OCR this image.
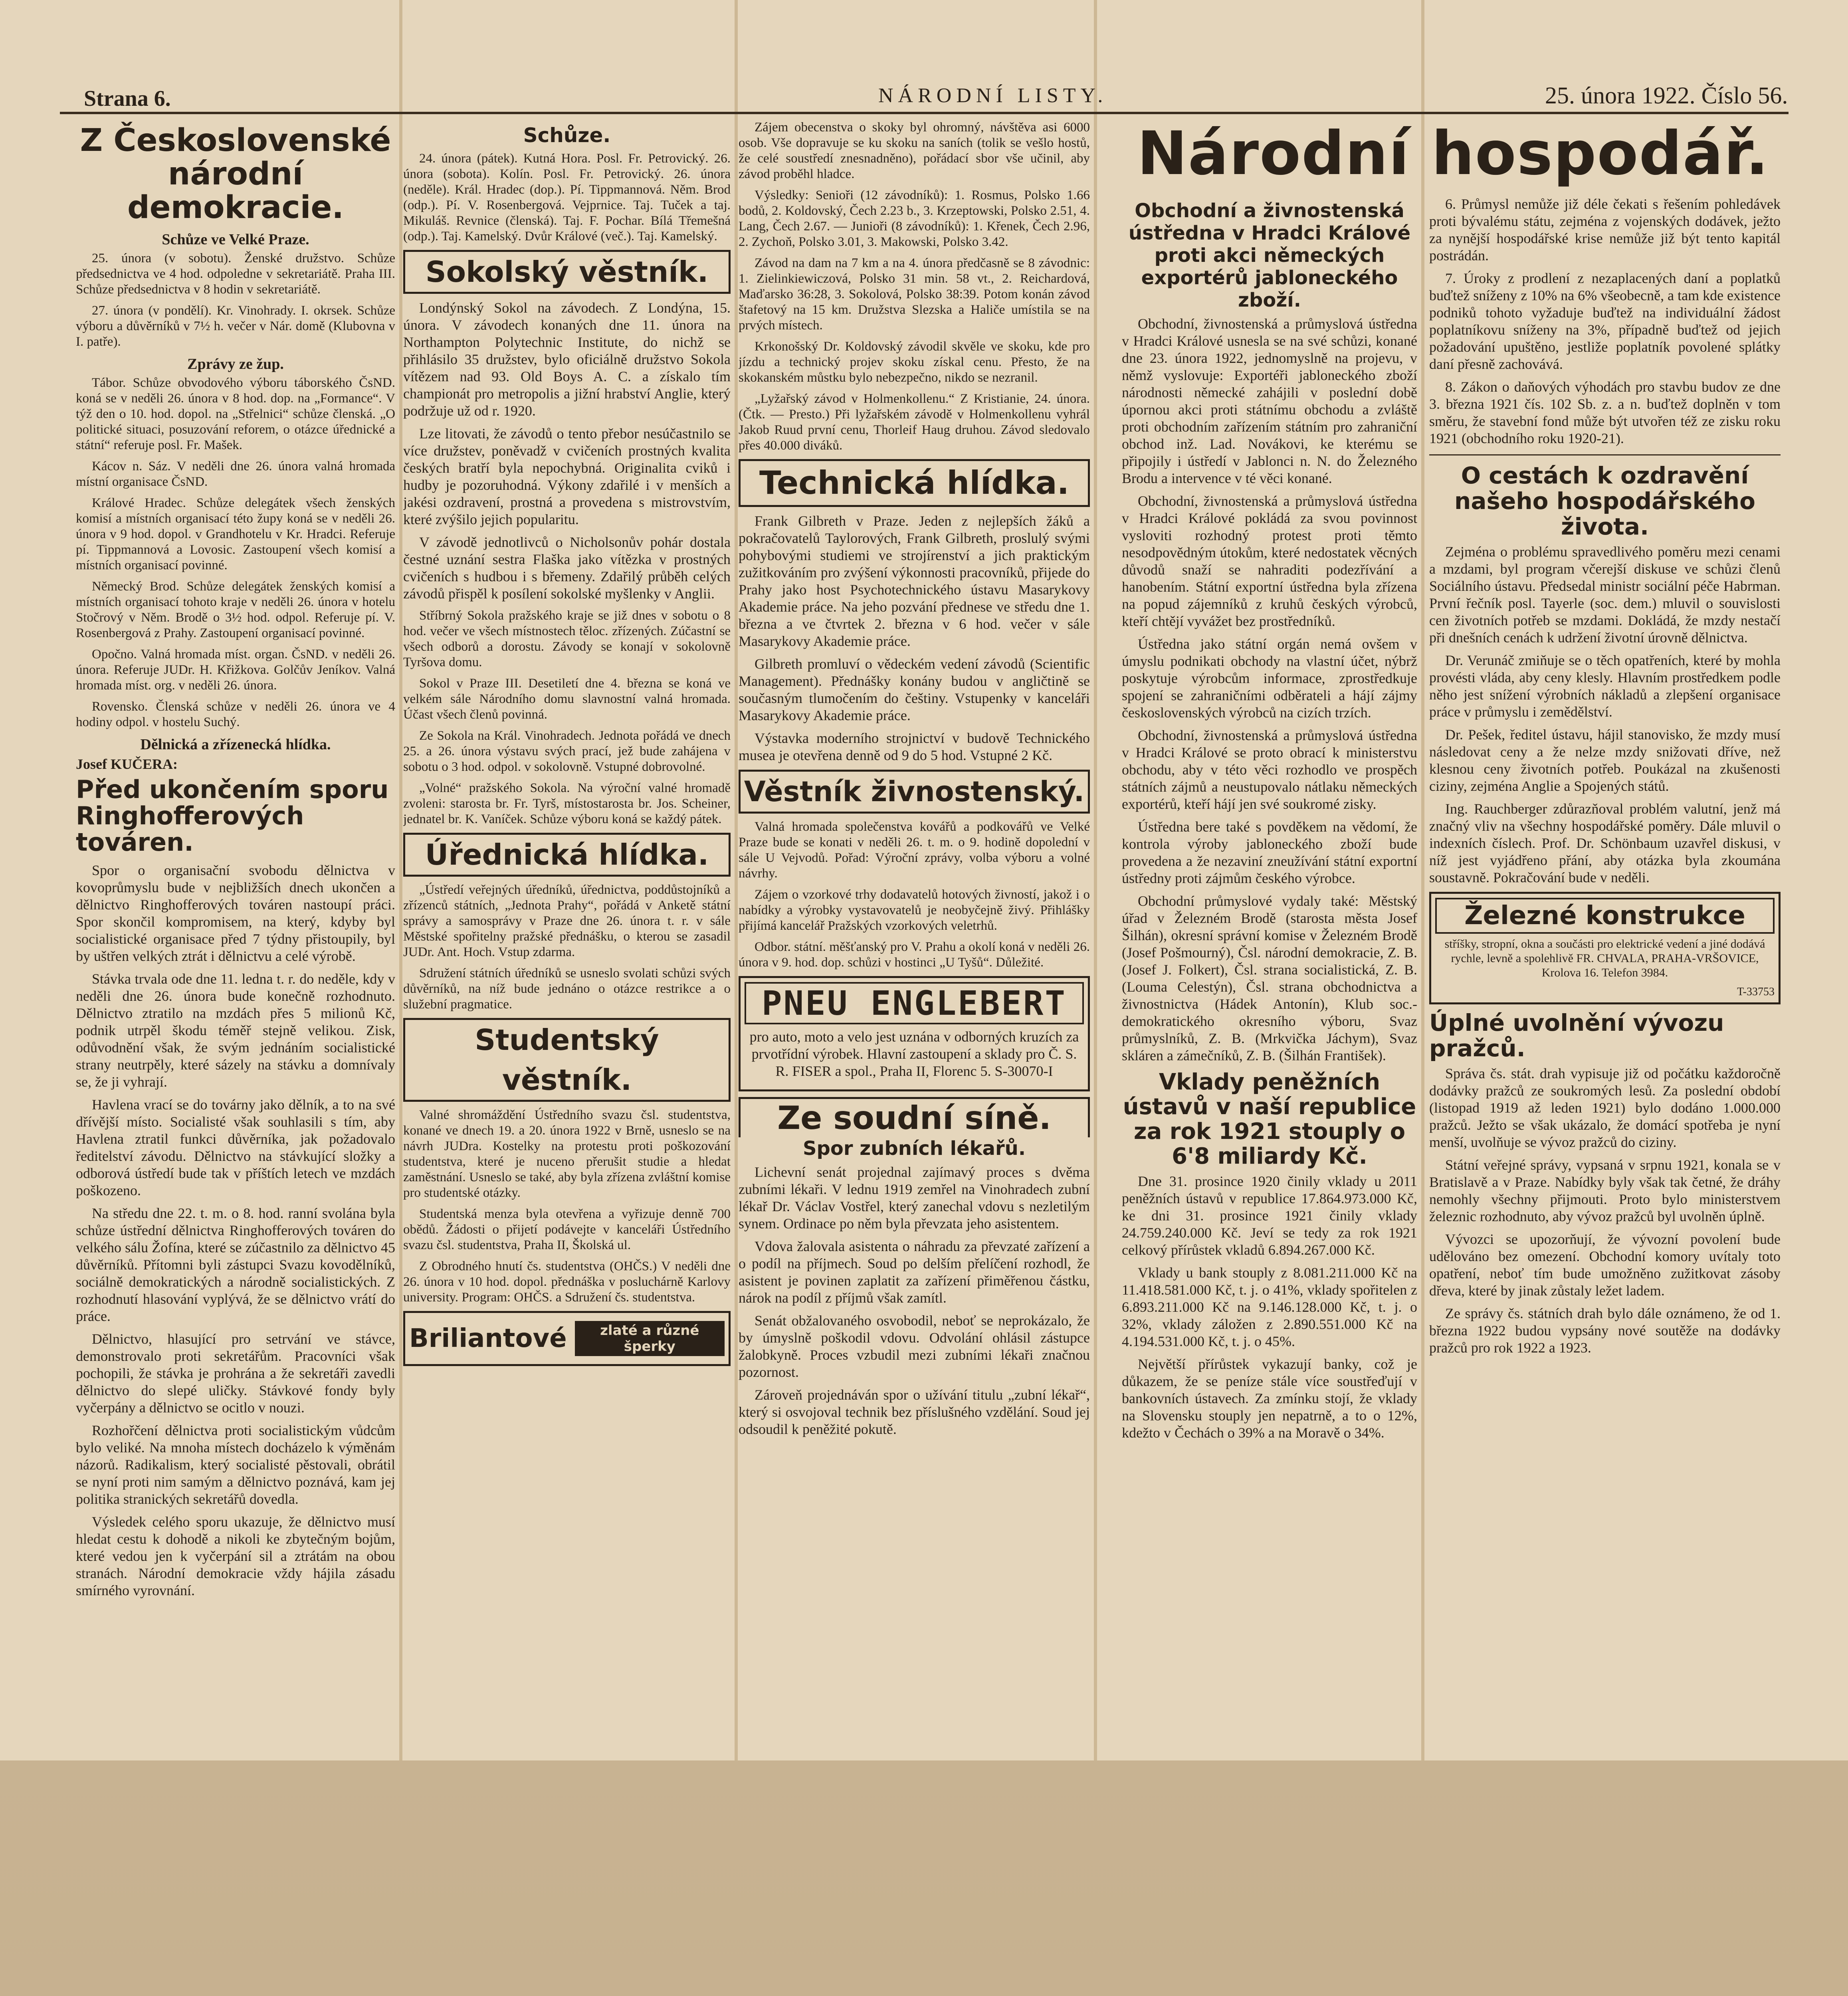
Strana 6.	NÁRODNÍ LISTY.	25. února 1922. Číslo 56.
Z Československé národní demokracie.
Schůze ve Velké Praze.

25. února (v sobotu). Ženské družstvo. Schůze předsednictva ve 4 hod. odpoledne v sekretariátě. Praha III. Schůze předsednictva v 8 hodin v sekretariátě.

27. února (v pondělí). Kr. Vinohrady. I. okrsek. Schůze výboru a důvěrníků v 7½ h. večer v Nár. domě (Klubovna v I. patře).

Zprávy ze žup.

Tábor. Schůze obvodového výboru táborského ČsND. koná se v neděli 26. února v 8 hod. dop. na „Formance“. V týž den o 10. hod. dopol. na „Střelnici“ schůze členská. „O politické situaci, posuzování reforem, o otázce úřednické a státní“ referuje posl. Fr. Mašek.

Kácov n. Sáz. V neděli dne 26. února valná hromada místní organisace ČsND.

Králové Hradec. Schůze delegátek všech ženských komisí a místních organisací této župy koná se v neděli 26. února v 9 hod. dopol. v Grandhotelu v Kr. Hradci. Referuje pí. Tippmannová a Lovosic. Zastoupení všech komisí a místních organisací povinné.

Německý Brod. Schůze delegátek ženských komisí a místních organisací tohoto kraje v neděli 26. února v hotelu Stočrový v Něm. Brodě o 3½ hod. odpol. Referuje pí. V. Rosenbergová z Prahy. Zastoupení organisací povinné.

Opočno. Valná hromada míst. organ. ČsND. v neděli 26. února. Referuje JUDr. H. Křižkova. Golčův Jeníkov. Valná hromada míst. org. v neděli 26. února.

Rovensko. Členská schůze v neděli 26. února ve 4 hodiny odpol. v hostelu Suchý.

Dělnická a zřízenecká hlídka.
Josef KUČERA:
Před ukončením sporu Ringhofferových továren.

Spor o organisační svobodu dělnictva v kovoprůmyslu bude v nejbližších dnech ukončen a dělnictvo Ringhofferových továren nastoupí práci. Spor skončil kompromisem, na který, kdyby byl socialistické organisace před 7 týdny přistoupily, byl by uštřen velkých ztrát i dělnictvu a celé výrobě.

Stávka trvala ode dne 11. ledna t. r. do neděle, kdy v neděli dne 26. února bude konečně rozhodnuto. Dělnictvo ztratilo na mzdách přes 5 milionů Kč, podnik utrpěl škodu téměř stejně velikou. Zisk, odůvodnění však, že svým jednáním socialistické strany neutrpěly, které sázely na stávku a domnívaly se, že ji vyhrají.

Havlena vrací se do továrny jako dělník, a to na své dřívější místo. Socialisté však souhlasili s tím, aby Havlena ztratil funkci důvěrníka, jak požadovalo ředitelství závodu. Dělnictvo na stávkující složky a odborová ústředí bude tak v příštích letech ve mzdách poškozeno.

Na středu dne 22. t. m. o 8. hod. ranní svolána byla schůze ústřední dělnictva Ringhofferových továren do velkého sálu Žofína, které se zúčastnilo za dělnictvo 45 důvěrníků. Přítomni byli zástupci Svazu kovodělníků, sociálně demokratických a národně socialistických. Z rozhodnutí hlasování vyplývá, že se dělnictvo vrátí do práce.

Dělnictvo, hlasující pro setrvání ve stávce, demonstrovalo proti sekretářům. Pracovníci však pochopili, že stávka je prohrána a že sekretáři zavedli dělnictvo do slepé uličky. Stávkové fondy byly vyčerpány a dělnictvo se ocitlo v nouzi.

Rozhořčení dělnictva proti socialistickým vůdcům bylo veliké. Na mnoha místech docházelo k výměnám názorů. Radikalism, který socialisté pěstovali, obrátil se nyní proti nim samým a dělnictvo poznává, kam jej politika stranických sekretářů dovedla.

Výsledek celého sporu ukazuje, že dělnictvo musí hledat cestu k dohodě a nikoli ke zbytečným bojům, které vedou jen k vyčerpání sil a ztrátám na obou stranách. Národní demokracie vždy hájila zásadu smírného vyrovnání.

Schůze.

24. února (pátek). Kutná Hora. Posl. Fr. Petrovický. 26. února (sobota). Kolín. Posl. Fr. Petrovický. 26. února (neděle). Král. Hradec (dop.). Pí. Tippmannová. Něm. Brod (odp.). Pí. V. Rosenbergová. Vejprnice. Taj. Tuček a taj. Mikuláš. Revnice (členská). Taj. F. Pochar. Bílá Třemešná (odp.). Taj. Kamelský. Dvůr Králové (več.). Taj. Kamelský.

Sokolský věstník.

Londýnský Sokol na závodech. Z Londýna, 15. února. V závodech konaných dne 11. února na Northampton Polytechnic Institute, do nichž se přihlásilo 35 družstev, bylo oficiálně družstvo Sokola vítězem nad 93. Old Boys A. C. a získalo tím championát pro metropolis a jižní hrabství Anglie, který podržuje už od r. 1920.

Lze litovati, že závodů o tento přebor nesúčastnilo se více družstev, poněvadž v cvičeních prostných kvalita českých bratří byla nepochybná. Originalita cviků i hudby je pozoruhodná. Výkony zdařilé i v menších a jakési ozdravení, prostná a provedena s mistrovstvím, které zvýšilo jejich popularitu.

V závodě jednotlivců o Nicholsonův pohár dostala čestné uznání sestra Flaška jako vítězka v prostných cvičeních s hudbou i s břemeny. Zdařilý průběh celých závodů přispěl k posílení sokolské myšlenky v Anglii.

Stříbrný Sokola pražského kraje se již dnes v sobotu o 8 hod. večer ve všech místnostech těloc. zřízených. Zúčastní se všech odborů a dorostu. Závody se konají v sokolovně Tyršova domu.

Sokol v Praze III. Desetiletí dne 4. března se koná ve velkém sále Národního domu slavnostní valná hromada. Účast všech členů povinná.

Ze Sokola na Král. Vinohradech. Jednota pořádá ve dnech 25. a 26. února výstavu svých prací, jež bude zahájena v sobotu o 3 hod. odpol. v sokolovně. Vstupné dobrovolné.

„Volné“ pražského Sokola. Na výroční valné hromadě zvoleni: starosta br. Fr. Tyrš, místostarosta br. Jos. Scheiner, jednatel br. K. Vaníček. Schůze výboru koná se každý pátek.

Úřednická hlídka.

„Ústředí veřejných úředníků, úřednictva, poddůstojníků a zřízenců státních, „Jednota Prahy“, pořádá v Anketě státní správy a samosprávy v Praze dne 26. února t. r. v sále Městské spořitelny pražské přednášku, o kterou se zasadil JUDr. Ant. Hoch. Vstup zdarma.

Sdružení státních úředníků se usneslo svolati schůzi svých důvěrníků, na níž bude jednáno o otázce restrikce a o služební pragmatice.

Studentský věstník.

Valné shromáždění Ústředního svazu čsl. studentstva, konané ve dnech 19. a 20. února 1922 v Brně, usneslo se na návrh JUDra. Kostelky na protestu proti poškozování studentstva, které je nuceno přerušit studie a hledat zaměstnání. Usneslo se také, aby byla zřízena zvláštní komise pro studentské otázky.

Studentská menza byla otevřena a vyřizuje denně 700 obědů. Žádosti o přijetí podávejte v kanceláři Ústředního svazu čsl. studentstva, Praha II, Školská ul.

Z Obrodného hnutí čs. studentstva (OHČS.) V neděli dne 26. února v 10 hod. dopol. přednáška v posluchárně Karlovy university. Program: OHČS. a Sdružení čs. studentstva.

Briliantové	zlaté a různé šperky

Zájem obecenstva o skoky byl ohromný, návštěva asi 6000 osob. Vše dopravuje se ku skoku na saních (tolik se vešlo hostů, že celé soustředí znesnadněno), pořádací sbor vše učinil, aby závod proběhl hladce.

Výsledky: Senioři (12 závodníků): 1. Rosmus, Polsko 1.66 bodů, 2. Koldovský, Čech 2.23 b., 3. Krzeptowski, Polsko 2.51, 4. Lang, Čech 2.67. — Junioři (8 závodníků): 1. Křenek, Čech 2.96, 2. Zychoň, Polsko 3.01, 3. Makowski, Polsko 3.42.

Závod na dam na 7 km a na 4. února předčasně se 8 závodnic: 1. Zielinkiewiczová, Polsko 31 min. 58 vt., 2. Reichardová, Maďarsko 36:28, 3. Sokolová, Polsko 38:39. Potom konán závod štafetový na 15 km. Družstva Slezska a Haliče umístila se na prvých místech.

Krkonošský Dr. Koldovský závodil skvěle ve skoku, kde pro jízdu a technický projev skoku získal cenu. Přesto, že na skokanském můstku bylo nebezpečno, nikdo se nezranil.

„Lyžařský závod v Holmenkollenu.“ Z Kristianie, 24. února. (Čtk. — Presto.) Při lyžařském závodě v Holmenkollenu vyhrál Jakob Ruud první cenu, Thorleif Haug druhou. Závod sledovalo přes 40.000 diváků.

Technická hlídka.

Frank Gilbreth v Praze. Jeden z nejlepších žáků a pokračovatelů Taylorových, Frank Gilbreth, proslulý svými pohybovými studiemi ve strojírenství a jich praktickým zužitkováním pro zvýšení výkonnosti pracovníků, přijede do Prahy jako host Psychotechnického ústavu Masarykovy Akademie práce. Na jeho pozvání přednese ve středu dne 1. března a ve čtvrtek 2. března v 6 hod. večer v sále Masarykovy Akademie práce.

Gilbreth promluví o vědeckém vedení závodů (Scientific Management). Přednášky konány budou v angličtině se současným tlumočením do češtiny. Vstupenky v kanceláři Masarykovy Akademie práce.

Výstavka moderního strojnictví v budově Technického musea je otevřena denně od 9 do 5 hod. Vstupné 2 Kč.

Věstník živnostenský.

Valná hromada společenstva kovářů a podkovářů ve Velké Praze bude se konati v neděli 26. t. m. o 9. hodině dopolední v sále U Vejvodů. Pořad: Výroční zprávy, volba výboru a volné návrhy.

Zájem o vzorkové trhy dodavatelů hotových živností, jakož i o nabídky a výrobky vystavovatelů je neobyčejně živý. Přihlášky přijímá kancelář Pražských vzorkových veletrhů.

Odbor. státní. měšťanský pro V. Prahu a okolí koná v neděli 26. února v 9. hod. dop. schůzi v hostinci „U Tyšů“. Důležité.

PNEU ENGLEBERT

pro auto, moto a velo jest uznána v odborných kruzích za prvotřídní výrobek. Hlavní zastoupení a sklady pro Č. S. R. FISER a spol., Praha II, Florenc 5. S-30070-I

Ze soudní síně.
Spor zubních lékařů.

Lichevní senát projednal zajímavý proces s dvěma zubními lékaři. V lednu 1919 zemřel na Vinohradech zubní lékař Dr. Václav Vostřel, který zanechal vdovu s nezletilým synem. Ordinace po něm byla převzata jeho asistentem.

Vdova žalovala asistenta o náhradu za převzaté zařízení a o podíl na příjmech. Soud po delším přelíčení rozhodl, že asistent je povinen zaplatit za zařízení přiměřenou částku, nárok na podíl z příjmů však zamítl.

Senát obžalovaného osvobodil, neboť se neprokázalo, že by úmyslně poškodil vdovu. Odvolání ohlásil zástupce žalobkyně. Proces vzbudil mezi zubními lékaři značnou pozornost.

Zároveň projednáván spor o užívání titulu „zubní lékař“, který si osvojoval technik bez příslušného vzdělání. Soud jej odsoudil k peněžité pokutě.

Národní hospodář.
Obchodní a živnostenská ústředna v Hradci Králové proti akci německých exportérů jabloneckého zboží.

Obchodní, živnostenská a průmyslová ústředna v Hradci Králové usnesla se na své schůzi, konané dne 23. února 1922, jednomyslně na projevu, v němž vyslovuje: Exportéři jabloneckého zboží národnosti německé zahájili v poslední době úpornou akci proti státnímu obchodu a zvláště proti obchodním zařízením státním pro zahraniční obchod inž. Lad. Novákovi, ke kterému se připojily i ústředí v Jablonci n. N. do Železného Brodu a intervence v té věci konané.

Obchodní, živnostenská a průmyslová ústředna v Hradci Králové pokládá za svou povinnost vysloviti rozhodný protest proti těmto nesodpovědným útokům, které nedostatek věcných důvodů snaží se nahraditi podezřívání a hanobením. Státní exportní ústředna byla zřízena na popud zájemníků z kruhů českých výrobců, kteří chtějí vyvážet bez prostředníků.

Ústředna jako státní orgán nemá ovšem v úmyslu podnikati obchody na vlastní účet, nýbrž poskytuje výrobcům informace, zprostředkuje spojení se zahraničními odběrateli a hájí zájmy československých výrobců na cizích trzích.

Obchodní, živnostenská a průmyslová ústředna v Hradci Králové se proto obrací k ministerstvu obchodu, aby v této věci rozhodlo ve prospěch státních zájmů a neustupovalo nátlaku německých exportérů, kteří hájí jen své soukromé zisky.

Ústředna bere také s povděkem na vědomí, že kontrola výroby jabloneckého zboží bude provedena a že nezaviní zneužívání státní exportní ústředny proti zájmům českého výrobce.

Obchodní průmyslové vydaly také: Městský úřad v Železném Brodě (starosta města Josef Šilhán), okresní správní komise v Železném Brodě (Josef Pošmourný), Čsl. národní demokracie, Z. B. (Josef J. Folkert), Čsl. strana socialistická, Z. B. (Louma Celestýn), Čsl. strana obchodnictva a živnostnictva (Hádek Antonín), Klub soc.-demokratického okresního výboru, Svaz průmyslníků, Z. B. (Mrkvička Jáchym), Svaz skláren a zámečníků, Z. B. (Šilhán František).

Vklady peněžních ústavů v naší republice za rok 1921 stouply o 6'8 miliardy Kč.

Dne 31. prosince 1920 činily vklady u 2011 peněžních ústavů v republice 17.864.973.000 Kč, ke dni 31. prosince 1921 činily vklady 24.759.240.000 Kč. Jeví se tedy za rok 1921 celkový přírůstek vkladů 6.894.267.000 Kč.

Vklady u bank stouply z 8.081.211.000 Kč na 11.418.581.000 Kč, t. j. o 41%, vklady spořitelen z 6.893.211.000 Kč na 9.146.128.000 Kč, t. j. o 32%, vklady záložen z 2.890.551.000 Kč na 4.194.531.000 Kč, t. j. o 45%.

Největší přírůstek vykazují banky, což je důkazem, že se peníze stále více soustřeďují v bankovních ústavech. Za zmínku stojí, že vklady na Slovensku stouply jen nepatrně, a to o 12%, kdežto v Čechách o 39% a na Moravě o 34%.

6. Průmysl nemůže již déle čekati s řešením pohledávek proti bývalému státu, zejména z vojenských dodávek, ježto za nynější hospodářské krise nemůže již být tento kapitál postrádán.

7. Úroky z prodlení z nezaplacených daní a poplatků buďtež sníženy z 10% na 6% všeobecně, a tam kde existence podniků tohoto vyžaduje buďtež na individuální žádost poplatníkovu sníženy na 3%, případně buďtež od jejich požadování upuštěno, jestliže poplatník povolené splátky daní přesně zachovává.

8. Zákon o daňových výhodách pro stavbu budov ze dne 3. března 1921 čís. 102 Sb. z. a n. buďtež doplněn v tom směru, že stavební fond může být utvořen též ze zisku roku 1921 (obchodního roku 1920-21).

O cestách k ozdravění našeho hospodářského života.

Zejména o problému spravedlivého poměru mezi cenami a mzdami, byl program včerejší diskuse ve schůzi členů Sociálního ústavu. Předsedal ministr sociální péče Habrman. První řečník posl. Tayerle (soc. dem.) mluvil o souvislosti cen životních potřeb se mzdami. Dokládá, že mzdy nestačí při dnešních cenách k udržení životní úrovně dělnictva.

Dr. Verunáč zmiňuje se o těch opatřeních, které by mohla provésti vláda, aby ceny klesly. Hlavním prostředkem podle něho jest snížení výrobních nákladů a zlepšení organisace práce v průmyslu i zemědělství.

Dr. Pešek, ředitel ústavu, hájil stanovisko, že mzdy musí následovat ceny a že nelze mzdy snižovati dříve, než klesnou ceny životních potřeb. Poukázal na zkušenosti ciziny, zejména Anglie a Spojených států.

Ing. Rauchberger zdůrazňoval problém valutní, jenž má značný vliv na všechny hospodářské poměry. Dále mluvil o indexních číslech. Prof. Dr. Schönbaum uzavřel diskusi, v níž jest vyjádřeno přání, aby otázka byla zkoumána soustavně. Pokračování bude v neděli.

Železné konstrukce

stříšky, stropní, okna a součásti pro elektrické vedení a jiné dodává rychle, levně a spolehlivě FR. CHVALA, PRAHA-VRŠOVICE, Krolova 16. Telefon 3984.

T-33753
Úplné uvolnění vývozu pražců.

Správa čs. stát. drah vypisuje již od počátku každoročně dodávky pražců ze soukromých lesů. Za poslední období (listopad 1919 až leden 1921) bylo dodáno 1.000.000 pražců. Ježto se však ukázalo, že domácí spotřeba je nyní menší, uvolňuje se vývoz pražců do ciziny.

Státní veřejné správy, vypsaná v srpnu 1921, konala se v Bratislavě a v Praze. Nabídky byly však tak četné, že dráhy nemohly všechny přijmouti. Proto bylo ministerstvem železnic rozhodnuto, aby vývoz pražců byl uvolněn úplně.

Vývozci se upozorňují, že vývozní povolení bude udělováno bez omezení. Obchodní komory uvítaly toto opatření, neboť tím bude umožněno zužitkovat zásoby dřeva, které by jinak zůstaly ležet ladem.

Ze správy čs. státních drah bylo dále oznámeno, že od 1. března 1922 budou vypsány nové soutěže na dodávky pražců pro rok 1922 a 1923.
